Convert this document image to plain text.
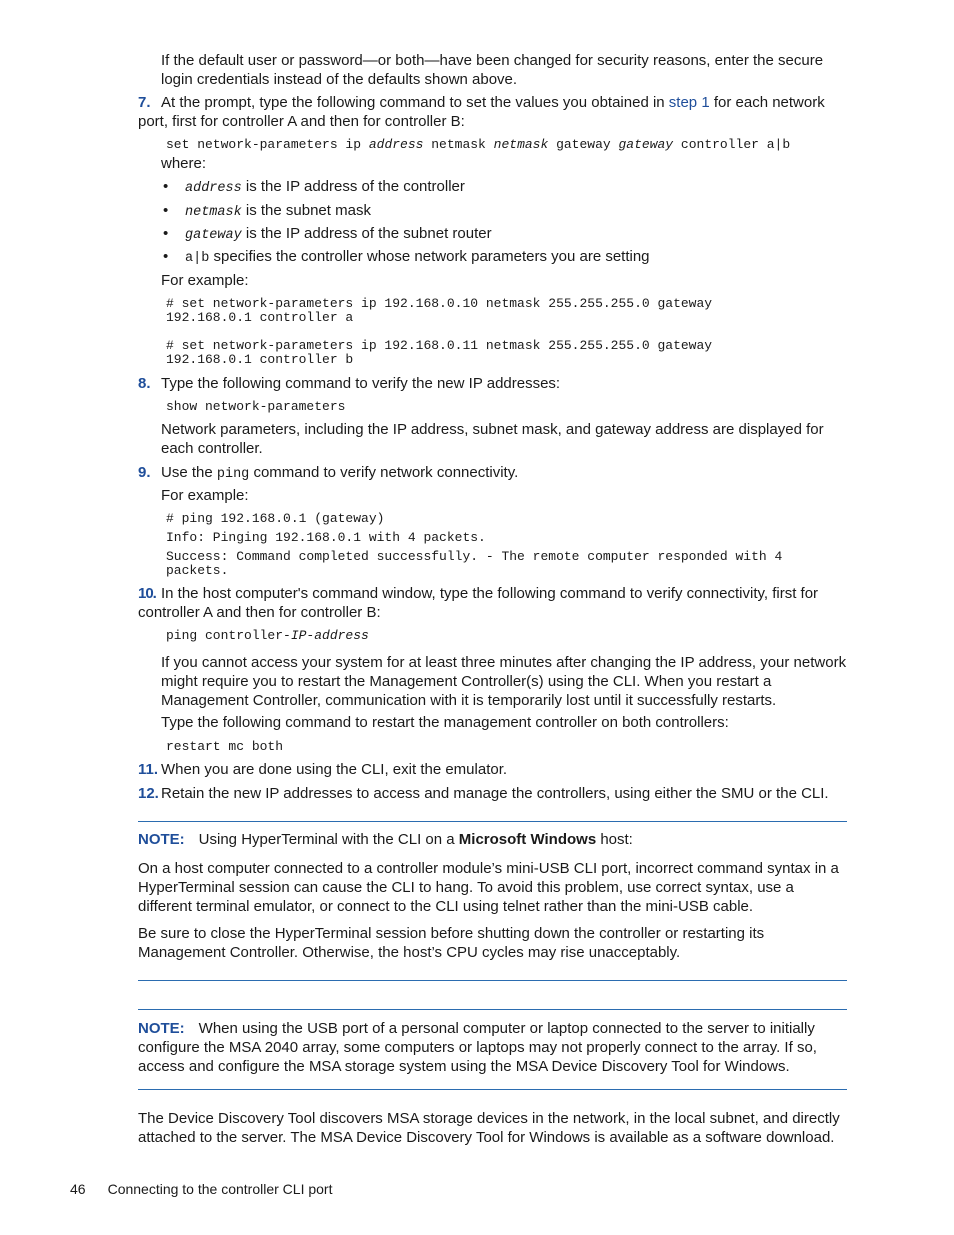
If the default user or password—or both—have been changed for security reasons, enter the secure login credentials instead of the defaults shown above.

7. At the prompt, type the following command to set the values you obtained in step 1 for each network port, first for controller A and then for controller B:
set network-parameters ip address netmask netmask gateway gateway controller a|b

where:

• address is the IP address of the controller
• netmask is the subnet mask
• gateway is the IP address of the subnet router
• a|b specifies the controller whose network parameters you are setting

For example:

# set network-parameters ip 192.168.0.10 netmask 255.255.255.0 gateway
192.168.0.1 controller a
# set network-parameters ip 192.168.0.11 netmask 255.255.255.0 gateway
192.168.0.1 controller b
8. Type the following command to verify the new IP addresses:
show network-parameters

Network parameters, including the IP address, subnet mask, and gateway address are displayed for each controller.

9. Use the ping command to verify network connectivity.

For example:

# ping 192.168.0.1 (gateway)
Info: Pinging 192.168.0.1 with 4 packets.
Success: Command completed successfully. - The remote computer responded with 4
packets.
10. In the host computer's command window, type the following command to verify connectivity, first for controller A and then for controller B:
ping controller-IP-address

If you cannot access your system for at least three minutes after changing the IP address, your network might require you to restart the Management Controller(s) using the CLI. When you restart a Management Controller, communication with it is temporarily lost until it successfully restarts.

Type the following command to restart the management controller on both controllers:

restart mc both
11. When you are done using the CLI, exit the emulator.
12. Retain the new IP addresses to access and manage the controllers, using either the SMU or the CLI.
NOTE: Using HyperTerminal with the CLI on a Microsoft Windows host:

On a host computer connected to a controller module’s mini-USB CLI port, incorrect command syntax in a HyperTerminal session can cause the CLI to hang. To avoid this problem, use correct syntax, use a different terminal emulator, or connect to the CLI using telnet rather than the mini-USB cable.

Be sure to close the HyperTerminal session before shutting down the controller or restarting its Management Controller. Otherwise, the host’s CPU cycles may rise unacceptably.

NOTE: When using the USB port of a personal computer or laptop connected to the server to initially configure the MSA 2040 array, some computers or laptops may not properly connect to the array. If so, access and configure the MSA storage system using the MSA Device Discovery Tool for Windows.

The Device Discovery Tool discovers MSA storage devices in the network, in the local subnet, and directly attached to the server. The MSA Device Discovery Tool for Windows is available as a software download.

46 Connecting to the controller CLI port
